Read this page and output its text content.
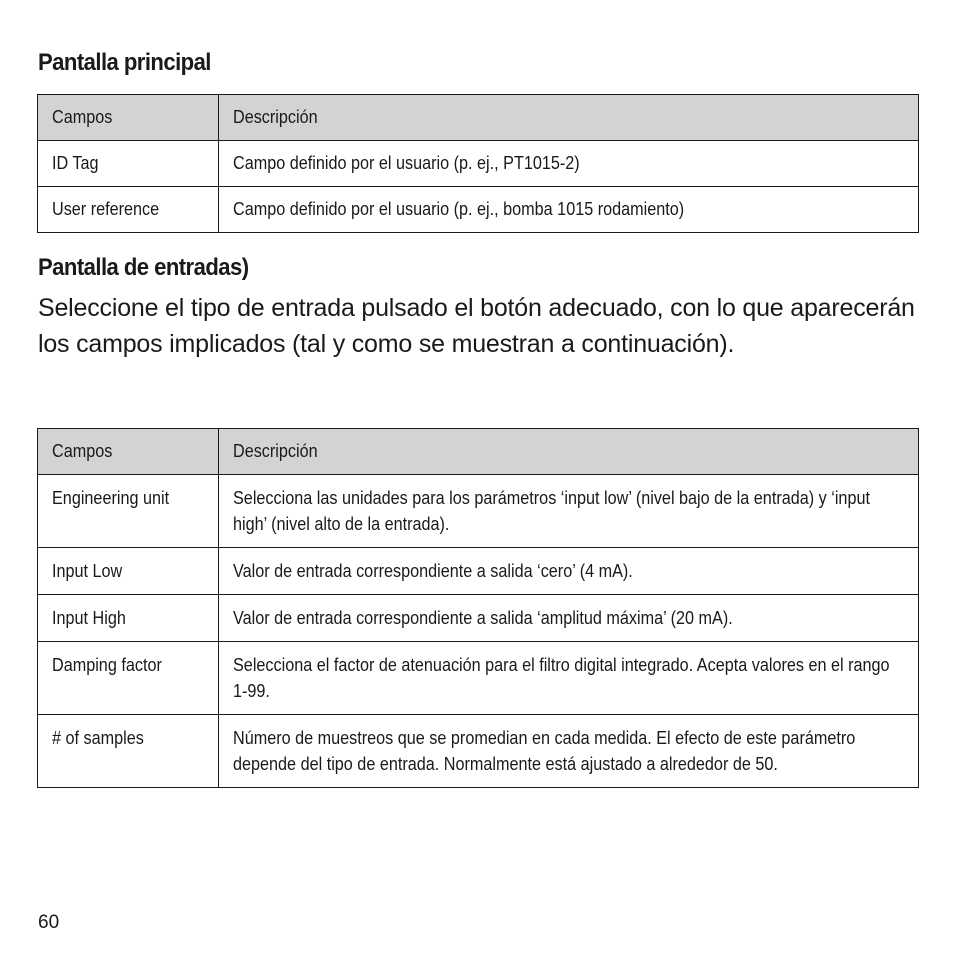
Pantalla principal
Campos	Descripción

ID Tag	Campo definido por el usuario (p. ej., PT1015-2)

User reference	Campo definido por el usuario (p. ej., bomba 1015 rodamiento)
Pantalla de entradas)

Seleccione el tipo de entrada pulsado el botón adecuado, con lo que aparecerán los campos implicados (tal y como se muestran a continuación).

Campos	Descripción

Engineering unit	Selecciona las unidades para los parámetros ‘input low’ (nivel bajo de la entrada) y ‘input high’ (nivel alto de la entrada).

Input Low	Valor de entrada correspondiente a salida ‘cero’ (4 mA).

Input High	Valor de entrada correspondiente a salida ‘amplitud máxima’ (20 mA).

Damping factor	Selecciona el factor de atenuación para el filtro digital integrado. Acepta valores en el rango 1-99.

# of samples	Número de muestreos que se promedian en cada medida. El efecto de este parámetro depende del tipo de entrada. Normalmente está ajustado a alrededor de 50.
60
